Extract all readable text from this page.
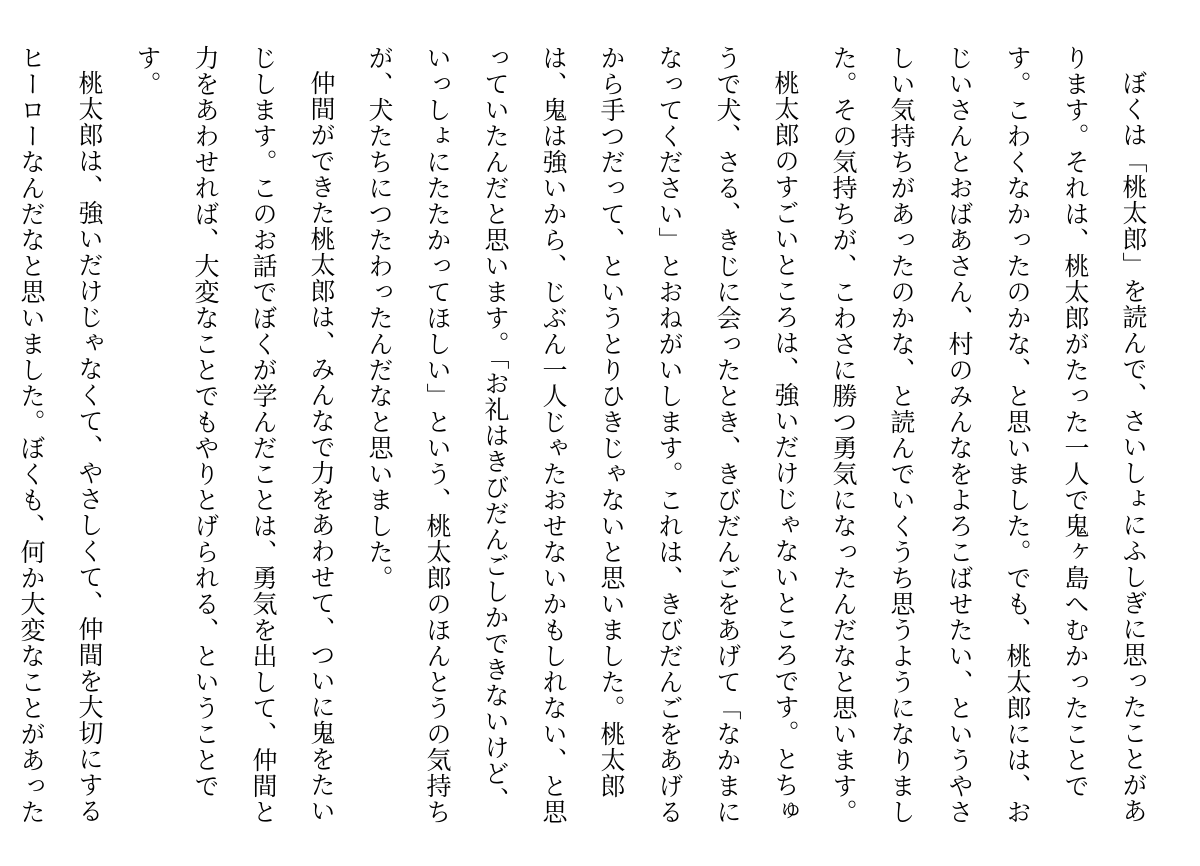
ぼくは「桃太郎」を読んで、さいしょにふしぎに思ったことがあります。それは、桃太郎がたった一人で鬼ヶ島へむかったことです。こわくなかったのかな、と思いました。でも、桃太郎には、おじいさんとおばあさん、村のみんなをよろこばせたい、というやさしい気持ちがあったのかな、と読んでいくうち思うようになりました。その気持ちが、こわさに勝つ勇気になったんだなと思います。

桃太郎のすごいところは、強いだけじゃないところです。とちゅうで犬、さる、きじに会ったとき、きびだんごをあげて「なかまになってください」とおねがいします。これは、きびだんごをあげるから手つだって、というとりひきじゃないと思いました。桃太郎は、鬼は強いから、じぶん一人じゃたおせないかもしれない、と思っていたんだと思います。「お礼はきびだんごしかできないけど、いっしょにたたかってほしい」という、桃太郎のほんとうの気持ちが、犬たちにつたわったんだなと思いました。

仲間ができた桃太郎は、みんなで力をあわせて、ついに鬼をたいじします。このお話でぼくが学んだことは、勇気を出して、仲間と力をあわせれば、大変なことでもやりとげられる、ということです。

桃太郎は、強いだけじゃなくて、やさしくて、仲間を大切にするヒーローなんだなと思いました。ぼくも、何か大変なことがあった
